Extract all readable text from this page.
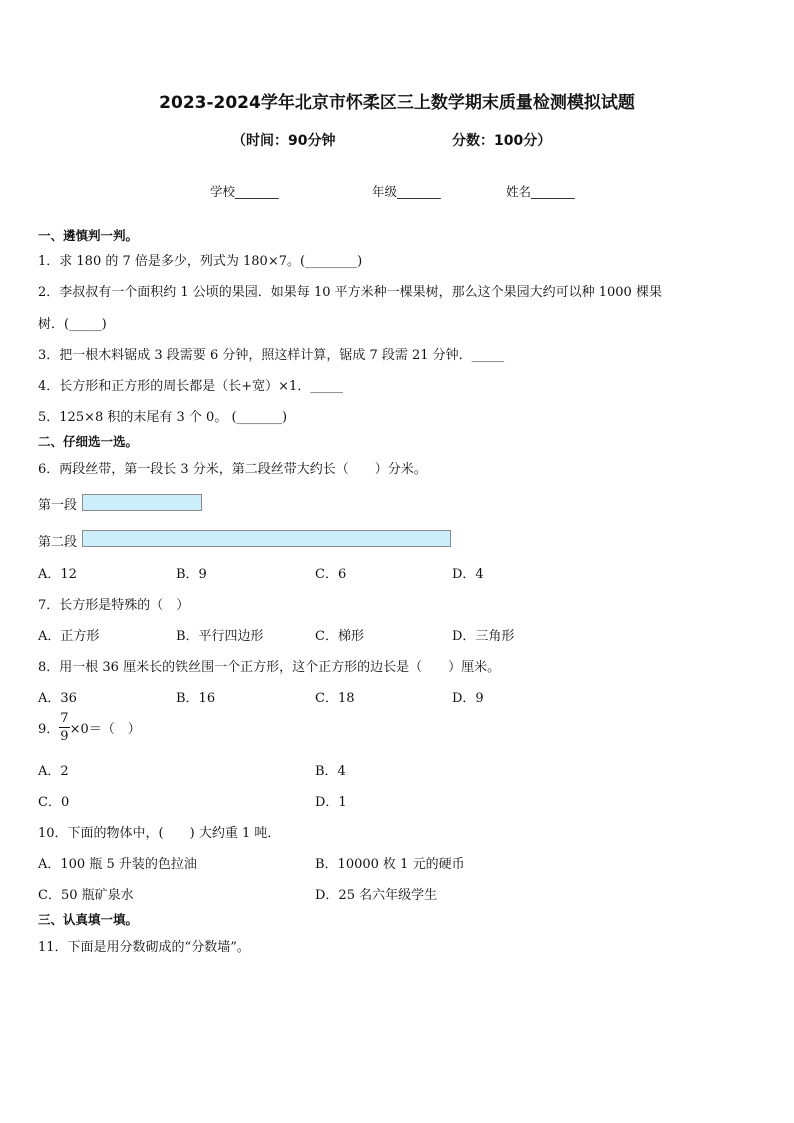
2023-2024学年北京市怀柔区三上数学期末质量检测模拟试题
（时间：90分钟	分数：100分）
学校_______	年级_______	姓名_______
一、遴慎判一判。
1．求 180 的 7 倍是多少，列式为 180×7。(________)
2．李叔叔有一个面积约 1 公顷的果园．如果每 10 平方米种一棵果树，那么这个果园大约可以种 1000 棵果
树．(_____)
3．把一根木料锯成 3 段需要 6 分钟，照这样计算，锯成 7 段需 21 分钟．_____
4．长方形和正方形的周长都是（长+宽）×1．_____
5．125×8 积的末尾有 3 个 0。 (_______)
二、仔细选一选。
6．两段丝带，第一段长 3 分米，第二段丝带大约长（　　）分米。
第一段
第二段
A．12	B．9	C．6	D．4
7．长方形是特殊的（　）
A．正方形	B．平行四边形	C．梯形	D．三角形
8．用一根 36 厘米长的铁丝围一个正方形，这个正方形的边长是（　　）厘米。
A．36	B．16	C．18	D．9
9． $\frac{7}{9} \times 0=$（　）
A．2	B．4
C．0	D．1
10．下面的物体中，(　　) 大约重 1 吨．
A．100 瓶 5 升装的色拉油	B．10000 枚 1 元的硬币
C．50 瓶矿泉水	D．25 名六年级学生
三、认真填一填。
11．下面是用分数砌成的“分数墙”。
